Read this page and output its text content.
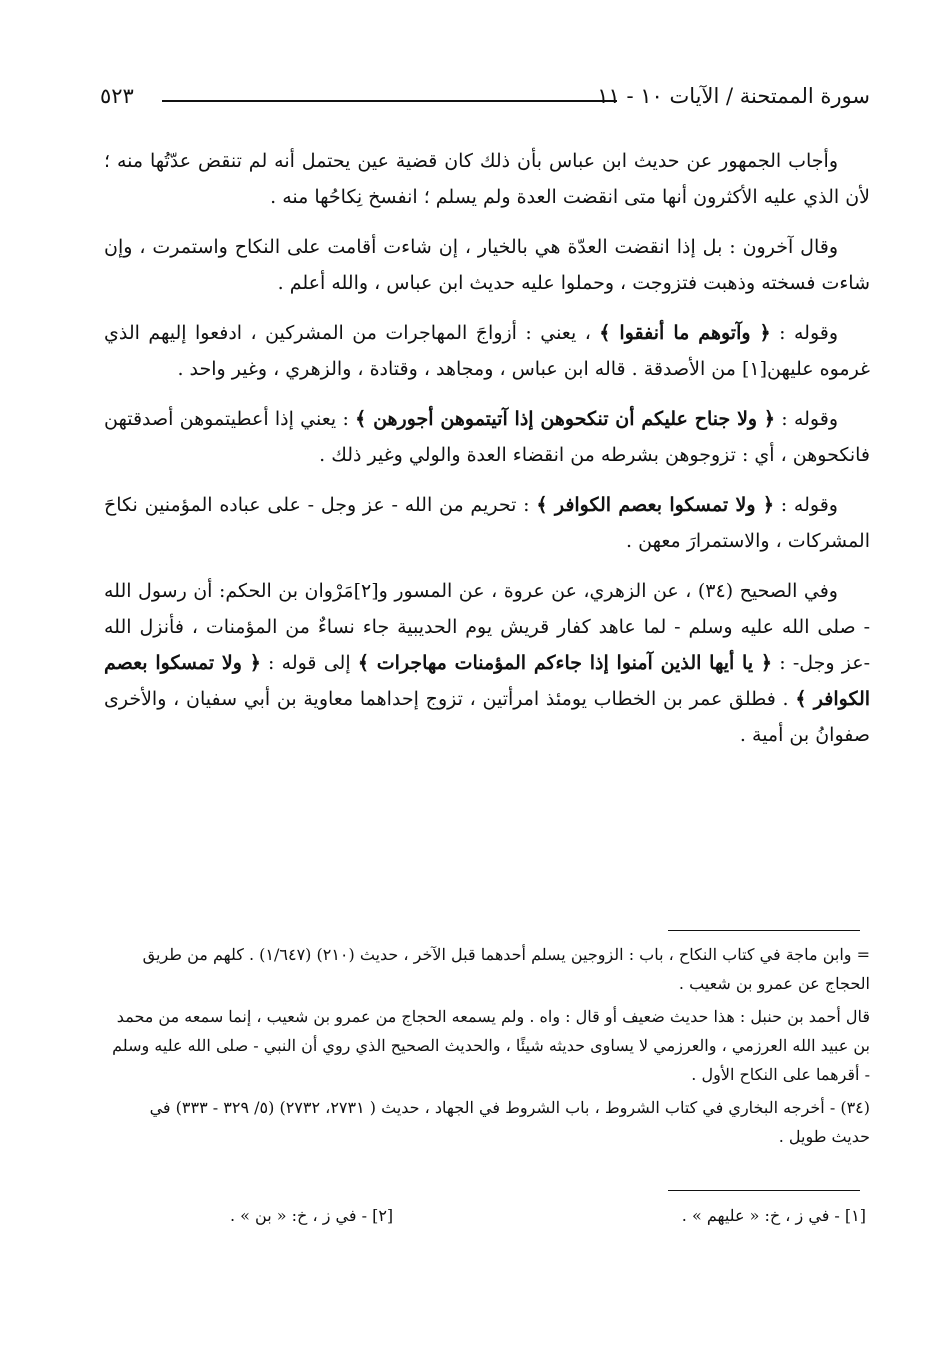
سورة الممتحنة / الآيات ١٠ - ١١
٥٢٣

وأجاب الجمهور عن حديث ابن عباس بأن ذلك كان قضية عين يحتمل أنه لم تنقض عدّتُها منه ؛ لأن الذي عليه الأكثرون أنها متى انقضت العدة ولم يسلم ؛ انفسخ نِكاحُها منه .

وقال آخرون : بل إذا انقضت العدّة هي بالخيار ، إن شاءت أقامت على النكاح واستمرت ، وإن شاءت فسخته وذهبت فتزوجت ، وحملوا عليه حديث ابن عباس ، والله أعلم .

وقوله : ﴿ وآتوهم ما أنفقوا ﴾ ، يعني : أزواجَ المهاجرات من المشركين ، ادفعوا إليهم الذي غرموه عليهن[١] من الأصدقة . قاله ابن عباس ، ومجاهد ، وقتادة ، والزهري ، وغير واحد .

وقوله : ﴿ ولا جناح عليكم أن تنكحوهن إذا آتيتموهن أجورهن ﴾ : يعني إذا أعطيتموهن أصدقتهن فانكحوهن ، أي : تزوجوهن بشرطه من انقضاء العدة والولي وغير ذلك .

وقوله : ﴿ ولا تمسكوا بعصم الكوافر ﴾ : تحريم من الله - عز وجل - على عباده المؤمنين نكاحَ المشركات ، والاستمرارَ معهن .

وفي الصحيح (٣٤) ، عن الزهري، عن عروة ، عن المسور و[٢]مَرْوان بن الحكم: أن رسول الله - صلى الله عليه وسلم - لما عاهد كفار قريش يوم الحديبية جاء نساءٌ من المؤمنات ، فأنزل الله -عز وجل- : ﴿ يا أيها الذين آمنوا إذا جاءكم المؤمنات مهاجرات ﴾ إلى قوله : ﴿ ولا تمسكوا بعصم الكوافر ﴾ . فطلق عمر بن الخطاب يومئذ امرأتين ، تزوج إحداهما معاوية بن أبي سفيان ، والأخرى صفوانُ بن أمية .

= وابن ماجة في كتاب النكاح ، باب : الزوجين يسلم أحدهما قبل الآخر ، حديث (٢١٠) (١/٦٤٧) . كلهم من طريق الحجاج عن عمرو بن شعيب .

قال أحمد بن حنبل : هذا حديث ضعيف أو قال : واه . ولم يسمعه الحجاج من عمرو بن شعيب ، إنما سمعه من محمد بن عبيد الله العرزمي ، والعرزمي لا يساوى حديثه شيئًا ، والحديث الصحيح الذي روي أن النبي - صلى الله عليه وسلم - أقرهما على النكاح الأول .

(٣٤) - أخرجه البخاري في كتاب الشروط ، باب الشروط في الجهاد ، حديث ( ٢٧٣١، ٢٧٣٢) (٥/ ٣٢٩ - ٣٣٣) في حديث طويل .

[١] - في ز ، خ: « عليهم » .
[٢] - في ز ، خ: « بن » .
